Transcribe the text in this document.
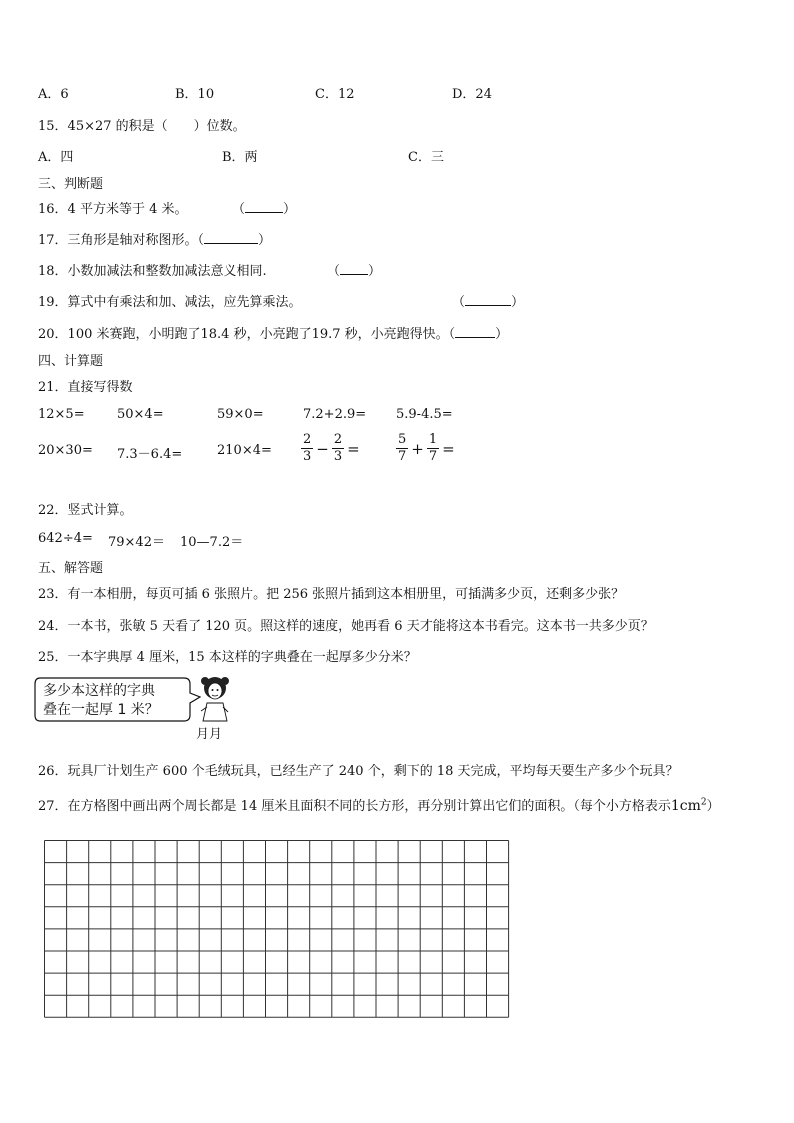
A．6	B．10	C．12	D．24
15．45×27 的积是（　　）位数。
A．四	B．两	C．三
三、判断题
16．4 平方米等于 4 米。	（	）
17．三角形是轴对称图形。（	）
18．小数加减法和整数加减法意义相同.	（ ）
19．算式中有乘法和加、减法，应先算乘法。	（	）
20．100 米赛跑，小明跑了18.4 秒，小亮跑了19.7 秒，小亮跑得快。（	）
四、计算题
21．直接写得数
12×5= 50×4=	59×0=	7.2+2.9= 5.9-4.5=
20×30= 7.3－6.4=	$210\times 4= \frac{2}{3} - \frac{2}{3}$ =	$\frac{5}{7} + \frac{1}{7}$ =
22．竖式计算。
642÷4= 79×42＝ 10—7.2＝
五、解答题
23．有一本相册，每页可插 6 张照片。把 256 张照片插到这本相册里，可插满多少页，还剩多少张？
24．一本书，张敏 5 天看了 120 页。照这样的速度，她再看 6 天才能将这本书看完。这本书一共多少页？
25．一本字典厚 4 厘米，15 本这样的字典叠在一起厚多少分米？
多少本这样的字典
叠在一起厚 1 米？
月月
26．玩具厂计划生产 600 个毛绒玩具，已经生产了 240 个，剩下的 18 天完成，平均每天要生产多少个玩具？
27．在方格图中画出两个周长都是 14 厘米且面积不同的长方形，再分别计算出它们的面积。（每个小方格表示$1cm^2$）
